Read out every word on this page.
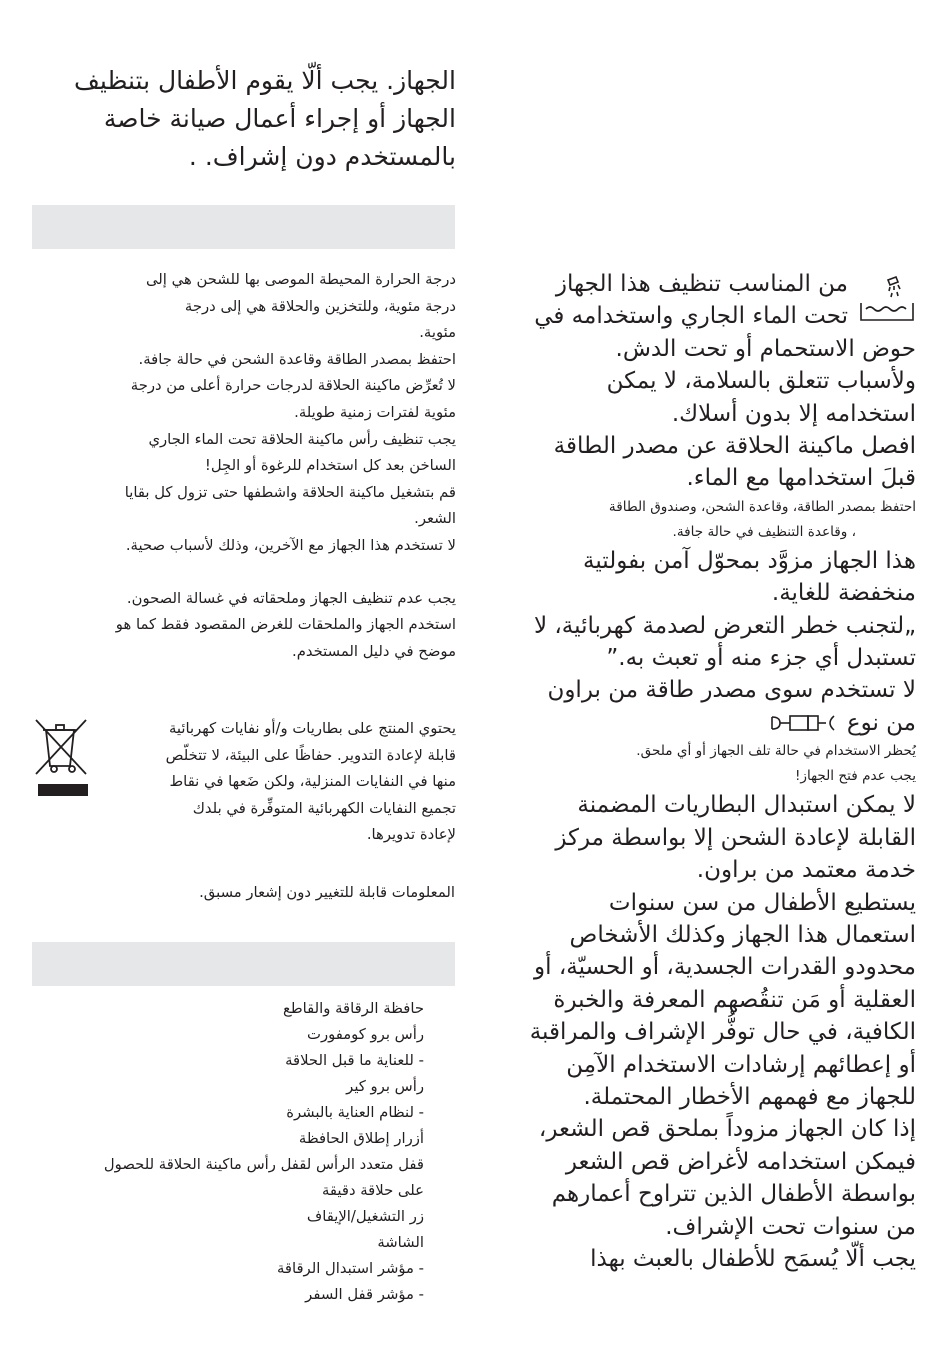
الجهاز. يجب ألّا يقوم الأطفال بتنظيف

الجهاز أو إجراء أعمال صيانة خاصة

بالمستخدم دون إشراف. .

من المناسب تنظيف هذا الجهاز

تحت الماء الجاري واستخدامه في

حوض الاستحمام أو تحت الدش.

ولأسباب تتعلق بالسلامة، لا يمكن

استخدامه إلا بدون أسلاك.

افصل ماكينة الحلاقة عن مصدر الطاقة

قبلَ استخدامها مع الماء.

احتفظ بمصدر الطاقة، وقاعدة الشحن، وصندوق الطاقة

، وقاعدة التنظيف في حالة جافة.

هذا الجهاز مزوَّد بمحوّل آمن بفولتية

منخفضة للغاية.

„لتجنب خطر التعرض لصدمة كهربائية، لا

تستبدل أي جزء منه أو تعبث به.”

لا تستخدم سوى مصدر طاقة من براون

من نوع

يُحظر الاستخدام في حالة تلف الجهاز أو أي ملحق.

يجب عدم فتح الجهاز!

لا يمكن استبدال البطاريات المضمنة

القابلة لإعادة الشحن إلا بواسطة مركز

خدمة معتمد من براون.

يستطيع الأطفال من سن سنوات

استعمال هذا الجهاز وكذلك الأشخاص

محدودو القدرات الجسدية، أو الحسيّة، أو

العقلية أو مَن تنقُصهم المعرفة والخبرة

الكافية، في حال توفُّر الإشراف والمراقبة

أو إعطائهم إرشادات الاستخدام الآمِن

للجهاز مع فهمهم الأخطار المحتملة.

إذا كان الجهاز مزوداً بملحق قص الشعر،

فيمكن استخدامه لأغراض قص الشعر

بواسطة الأطفال الذين تتراوح أعمارهم

من سنوات تحت الإشراف.

يجب ألّا يُسمَح للأطفال بالعبث بهذا

درجة الحرارة المحيطة الموصى بها للشحن هي إلى

درجة مئوية، وللتخزين والحلاقة هي إلى درجة

مئوية.

احتفظ بمصدر الطاقة وقاعدة الشحن في حالة جافة.

لا تُعرِّض ماكينة الحلاقة لدرجات حرارة أعلى من درجة

مئوية لفترات زمنية طويلة.

يجب تنظيف رأس ماكينة الحلاقة تحت الماء الجاري

الساخن بعد كل استخدام للرغوة أو الجِل!

قم بتشغيل ماكينة الحلاقة واشطفها حتى تزول كل بقايا

الشعر.

لا تستخدم هذا الجهاز مع الآخرين، وذلك لأسباب صحية.

يجب عدم تنظيف الجهاز وملحقاته في غسالة الصحون.

استخدم الجهاز والملحقات للغرض المقصود فقط كما هو

موضح في دليل المستخدم.

يحتوي المنتج على بطاريات و/أو نفايات كهربائية

قابلة لإعادة التدوير. حفاظًا على البيئة، لا تتخلّص

منها في النفايات المنزلية، ولكن ضَعها في نقاط

تجميع النفايات الكهربائية المتوفِّرة في بلدك

لإعادة تدويرها.

المعلومات قابلة للتغيير دون إشعار مسبق.

حافظة الرقاقة والقاطع

رأس برو كومفورت

- للعناية ما قبل الحلاقة

رأس برو كير

- لنظام العناية بالبشرة

أزرار إطلاق الحافظة

قفل متعدد الرأس لقفل رأس ماكينة الحلاقة للحصول

على حلاقة دقيقة

زر التشغيل/الإيقاف

الشاشة

- مؤشر استبدال الرقاقة

- مؤشر قفل السفر
